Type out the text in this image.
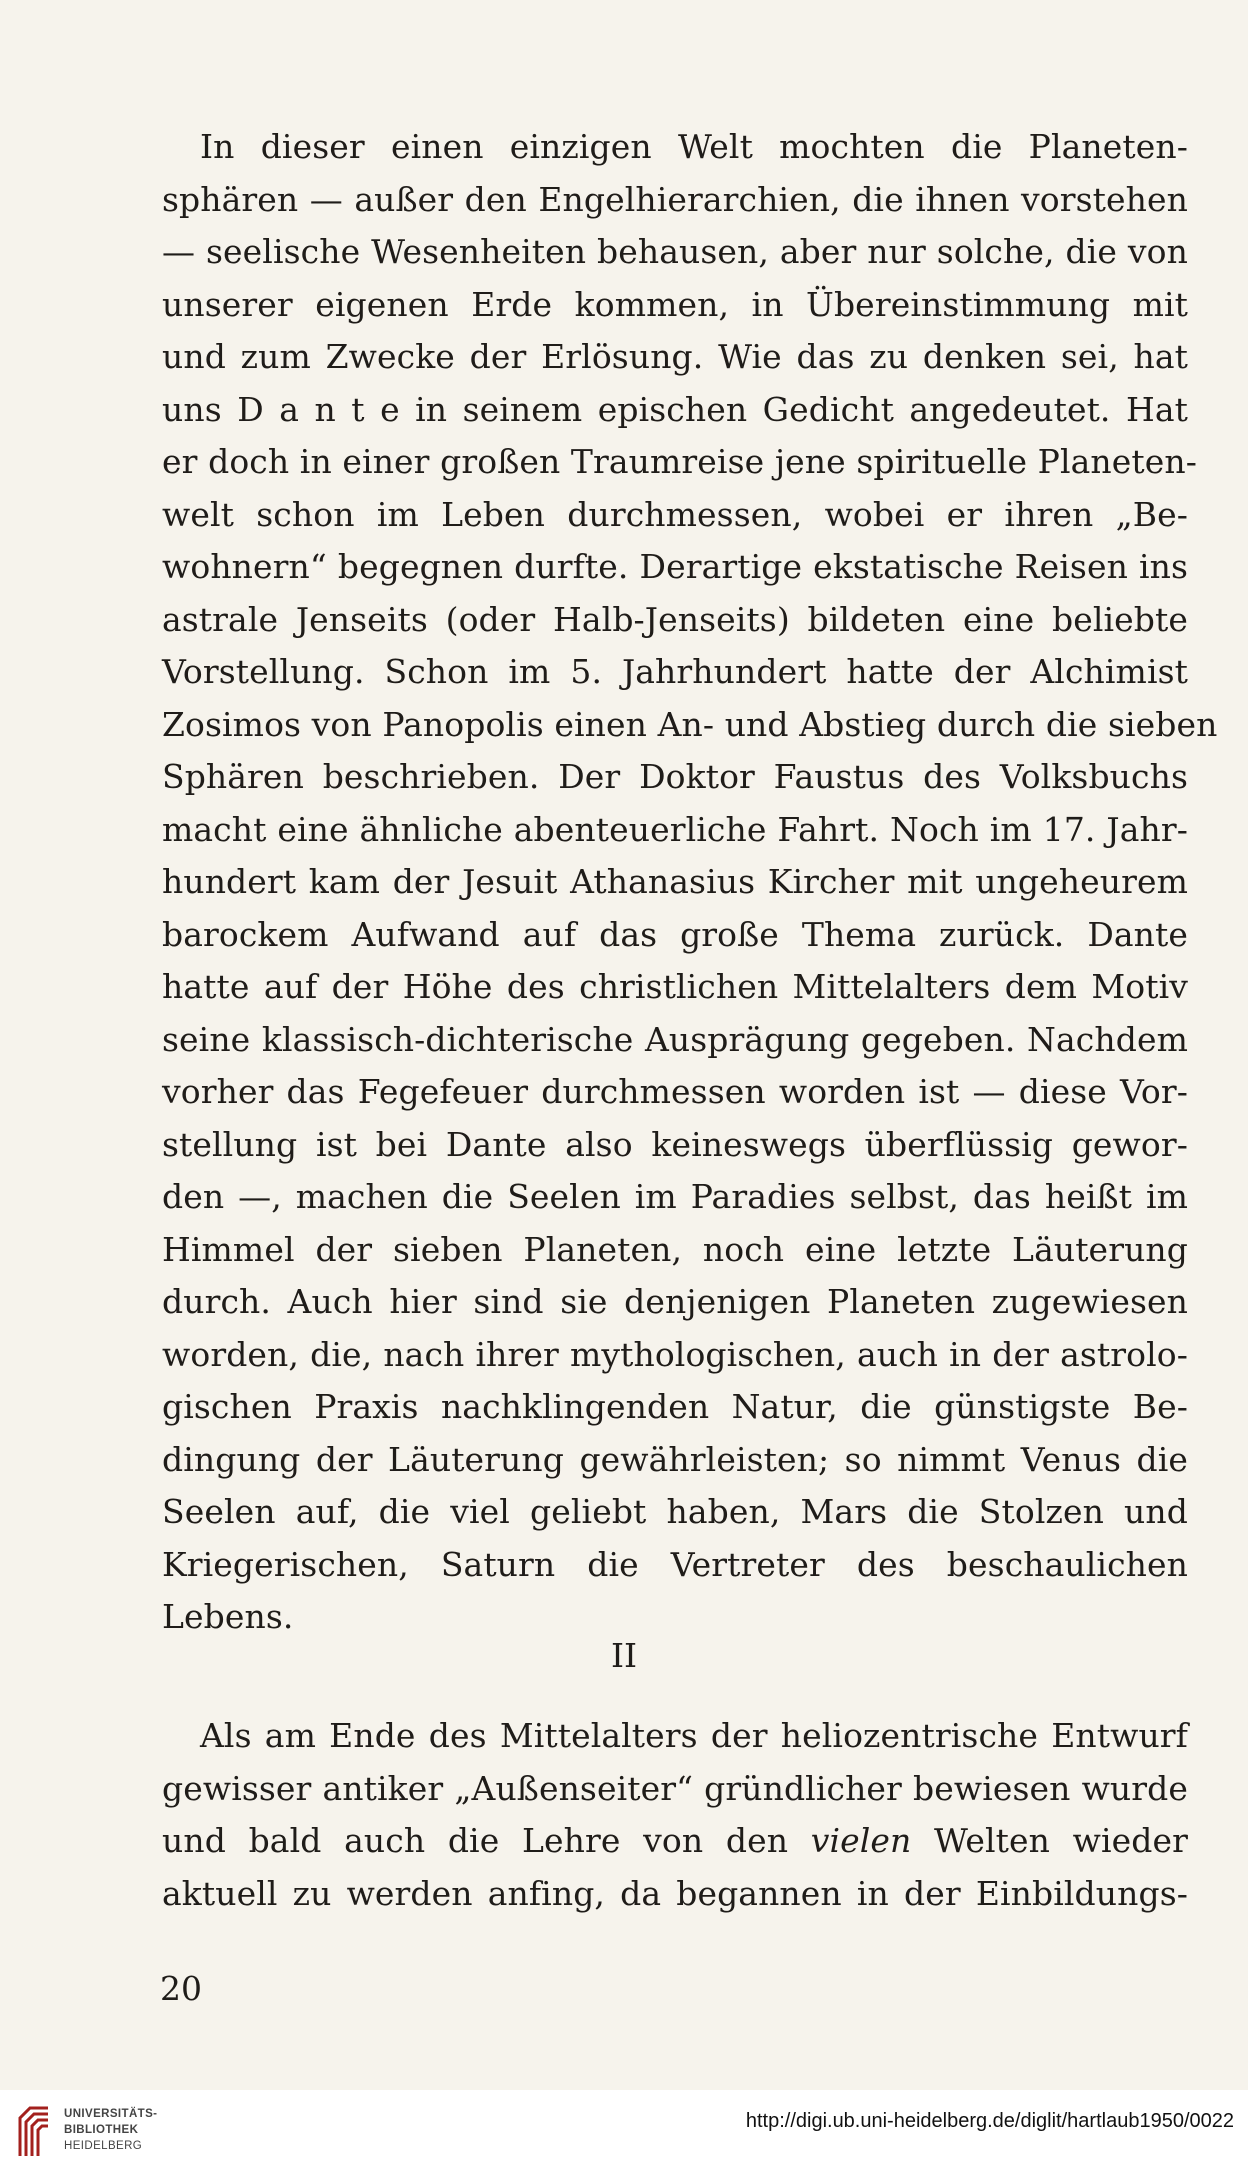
In dieser einen einzigen Welt mochten die Planeten-
sphären — außer den Engelhierarchien, die ihnen vorstehen
— seelische Wesenheiten behausen, aber nur solche, die von
unserer eigenen Erde kommen, in Übereinstimmung mit
und zum Zwecke der Erlösung. Wie das zu denken sei, hat
uns D a n t e in seinem epischen Gedicht angedeutet. Hat
er doch in einer großen Traumreise jene spirituelle Planeten-
welt schon im Leben durchmessen, wobei er ihren „Be-
wohnern“ begegnen durfte. Derartige ekstatische Reisen ins
astrale Jenseits (oder Halb-Jenseits) bildeten eine beliebte
Vorstellung. Schon im 5. Jahrhundert hatte der Alchimist
Zosimos von Panopolis einen An- und Abstieg durch die sieben
Sphären beschrieben. Der Doktor Faustus des Volksbuchs
macht eine ähnliche abenteuerliche Fahrt. Noch im 17. Jahr-
hundert kam der Jesuit Athanasius Kircher mit ungeheurem
barockem Aufwand auf das große Thema zurück. Dante
hatte auf der Höhe des christlichen Mittelalters dem Motiv
seine klassisch-dichterische Ausprägung gegeben. Nachdem
vorher das Fegefeuer durchmessen worden ist — diese Vor-
stellung ist bei Dante also keineswegs überflüssig gewor-
den —, machen die Seelen im Paradies selbst, das heißt im
Himmel der sieben Planeten, noch eine letzte Läuterung
durch. Auch hier sind sie denjenigen Planeten zugewiesen
worden, die, nach ihrer mythologischen, auch in der astrolo-
gischen Praxis nachklingenden Natur, die günstigste Be-
dingung der Läuterung gewährleisten; so nimmt Venus die
Seelen auf, die viel geliebt haben, Mars die Stolzen und
Kriegerischen, Saturn die Vertreter des beschaulichen
Lebens.
II
Als am Ende des Mittelalters der heliozentrische Entwurf
gewisser antiker „Außenseiter“ gründlicher bewiesen wurde
und bald auch die Lehre von den vielen Welten wieder
aktuell zu werden anfing, da begannen in der Einbildungs-
20
UNIVERSITÄTS-
BIBLIOTHEK
HEIDELBERG
http://digi.ub.uni-heidelberg.de/diglit/hartlaub1950/0022
